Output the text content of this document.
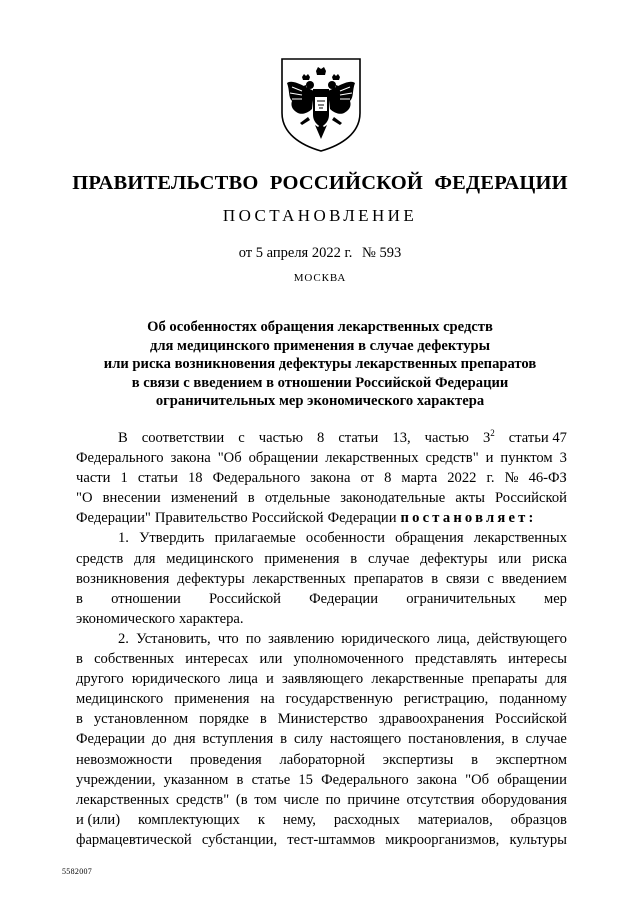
ПРАВИТЕЛЬСТВО РОССИЙСКОЙ ФЕДЕРАЦИИ
ПОСТАНОВЛЕНИЕ
от 5 апреля 2022 г. № 593
МОСКВА
Об особенностях обращения лекарственных средств
для медицинского применения в случае дефектуры
или риска возникновения дефектуры лекарственных препаратов
в связи с введением в отношении Российской Федерации
ограничительных мер экономического характера
В соответствии с частью 8 статьи 13, частью $3^2$ статьи 47
Федерального закона "Об обращении лекарственных средств" и пунктом 3
части 1 статьи 18 Федерального закона от 8 марта 2022 г. № 46-ФЗ
"О внесении изменений в отдельные законодательные акты Российской
Федерации" Правительство Российской Федерации постановляет:
1. Утвердить прилагаемые особенности обращения лекарственных
средств для медицинского применения в случае дефектуры или риска
возникновения дефектуры лекарственных препаратов в связи с введением
в отношении Российской Федерации ограничительных мер
экономического характера.
2. Установить, что по заявлению юридического лица, действующего
в собственных интересах или уполномоченного представлять интересы
другого юридического лица и заявляющего лекарственные препараты для
медицинского применения на государственную регистрацию, поданному
в установленном порядке в Министерство здравоохранения Российской
Федерации до дня вступления в силу настоящего постановления, в случае
невозможности проведения лабораторной экспертизы в экспертном
учреждении, указанном в статье 15 Федерального закона "Об обращении
лекарственных средств" (в том числе по причине отсутствия оборудования
и (или) комплектующих к нему, расходных материалов, образцов
фармацевтической субстанции, тест-штаммов микроорганизмов, культуры
5582007
